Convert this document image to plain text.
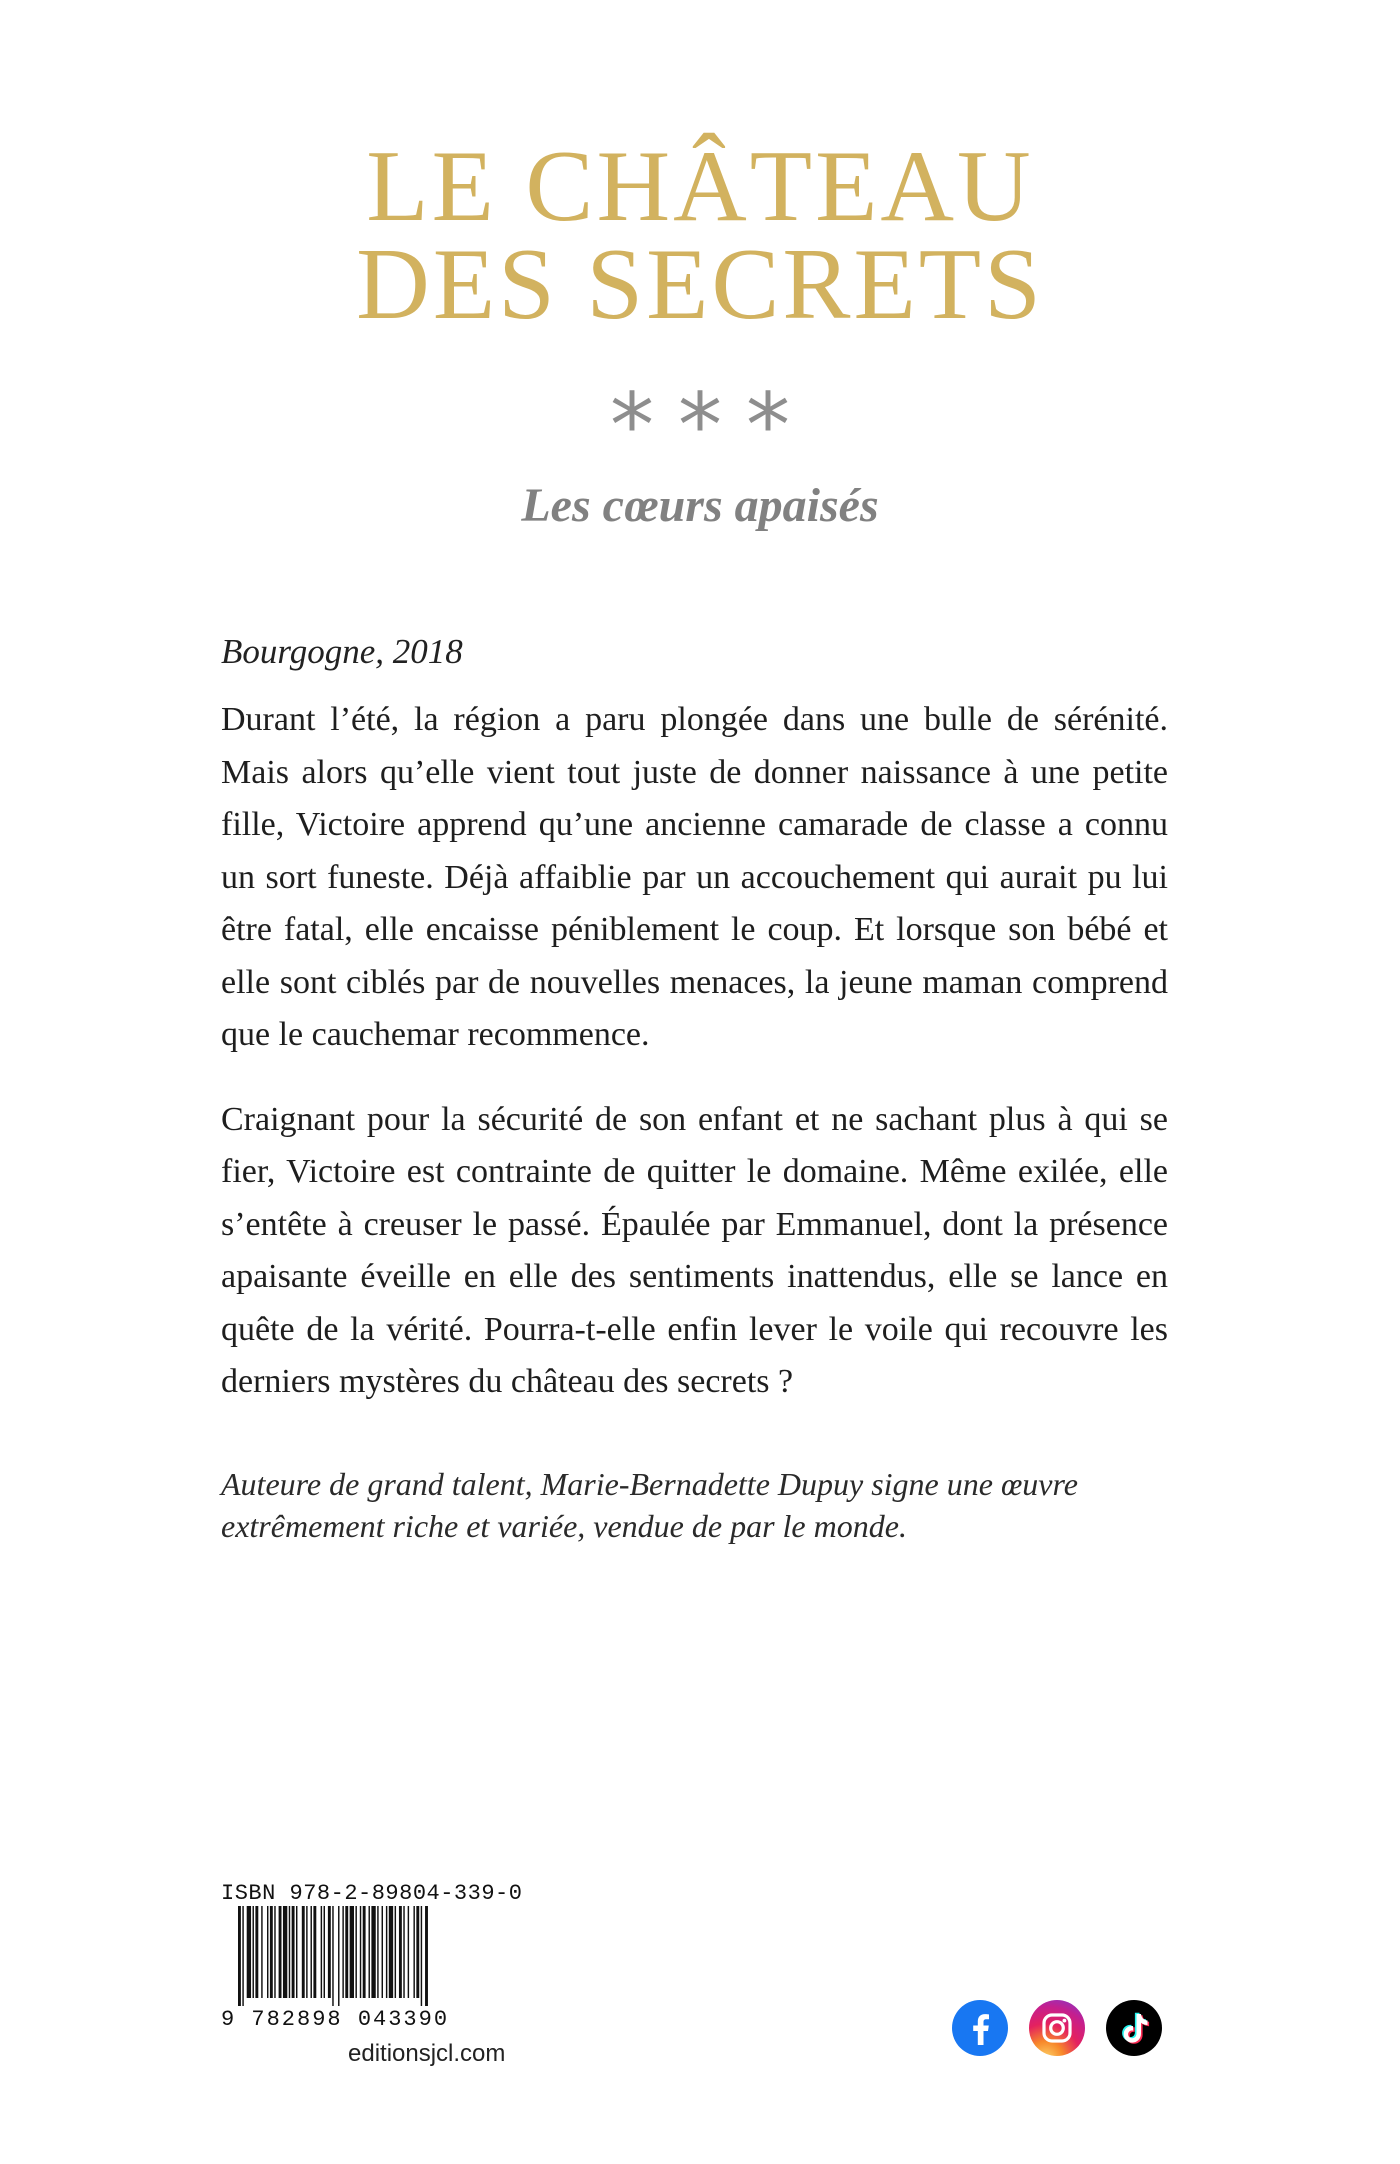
LE CHÂTEAU
DES SECRETS
***
Les cœurs apaisés

Bourgogne, 2018

Durant l’été, la région a paru plongée dans une bulle de sérénité. Mais alors qu’elle vient tout juste de donner naissance à une petite fille, Victoire apprend qu’une ancienne camarade de classe a connu un sort funeste. Déjà affaiblie par un accouchement qui aurait pu lui être fatal, elle encaisse péniblement le coup. Et lorsque son bébé et elle sont ciblés par de nouvelles menaces, la jeune maman comprend que le cauchemar recommence.

Craignant pour la sécurité de son enfant et ne sachant plus à qui se fier, Victoire est contrainte de quitter le domaine. Même exilée, elle s’entête à creuser le passé. Épaulée par Emmanuel, dont la présence apaisante éveille en elle des sentiments inattendus, elle se lance en quête de la vérité. Pourra-t-elle enfin lever le voile qui recouvre les derniers mystères du château des secrets ?

Auteure de grand talent, Marie-Bernadette Dupuy signe une œuvre extrêmement riche et variée, vendue de par le monde.

ISBN 978-2-89804-339-0
9 782898 043390
editionsjcl.com
